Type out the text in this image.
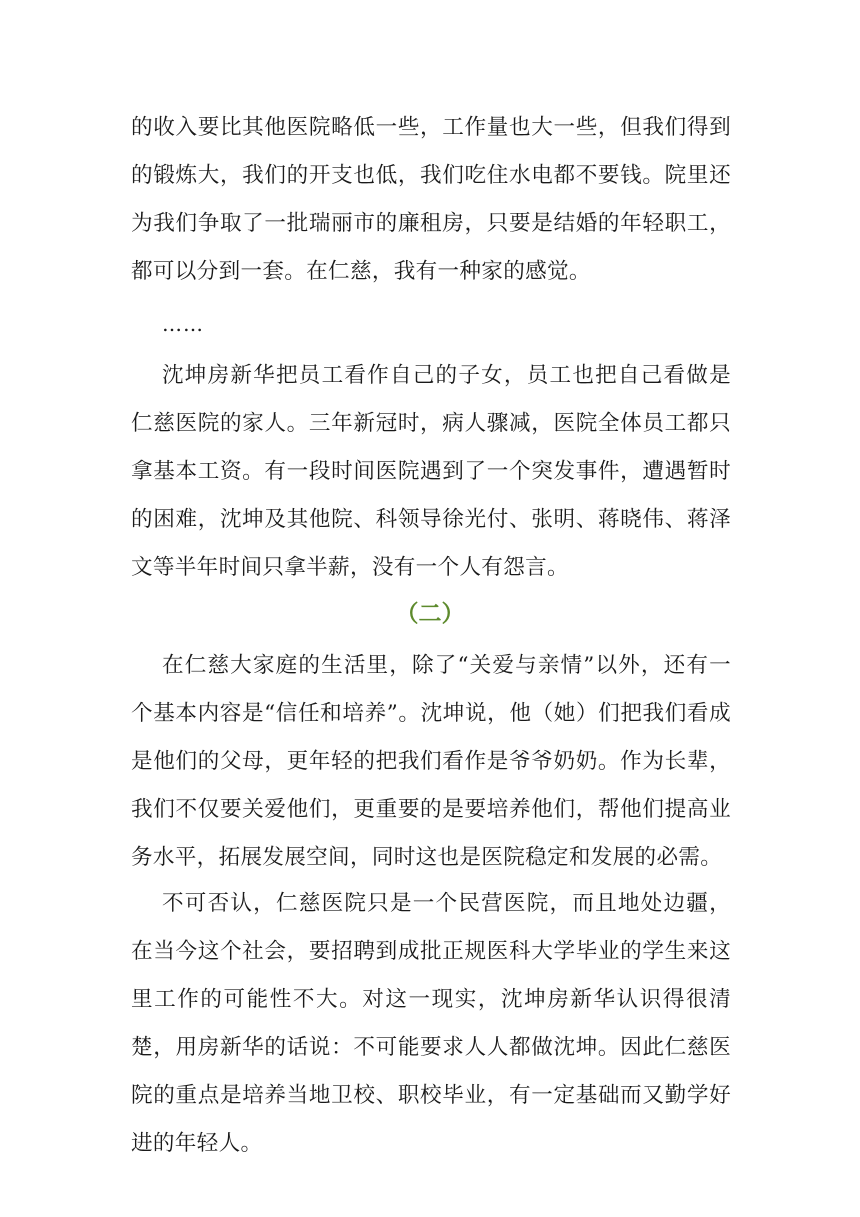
的收入要比其他医院略低一些，工作量也大一些，但我们得到的锻炼大，我们的开支也低，我们吃住水电都不要钱。院里还为我们争取了一批瑞丽市的廉租房，只要是结婚的年轻职工，都可以分到一套。在仁慈，我有一种家的感觉。

……

沈坤房新华把员工看作自己的子女，员工也把自己看做是仁慈医院的家人。三年新冠时，病人骤减，医院全体员工都只拿基本工资。有一段时间医院遇到了一个突发事件，遭遇暂时的困难，沈坤及其他院、科领导徐光付、张明、蒋晓伟、蒋泽文等半年时间只拿半薪，没有一个人有怨言。

（二）

在仁慈大家庭的生活里，除了“关爱与亲情”以外，还有一个基本内容是“信任和培养”。沈坤说，他（她）们把我们看成是他们的父母，更年轻的把我们看作是爷爷奶奶。作为长辈，我们不仅要关爱他们，更重要的是要培养他们，帮他们提高业务水平，拓展发展空间，同时这也是医院稳定和发展的必需。

不可否认，仁慈医院只是一个民营医院，而且地处边疆，在当今这个社会，要招聘到成批正规医科大学毕业的学生来这里工作的可能性不大。对这一现实，沈坤房新华认识得很清楚，用房新华的话说：不可能要求人人都做沈坤。因此仁慈医院的重点是培养当地卫校、职校毕业，有一定基础而又勤学好进的年轻人。
